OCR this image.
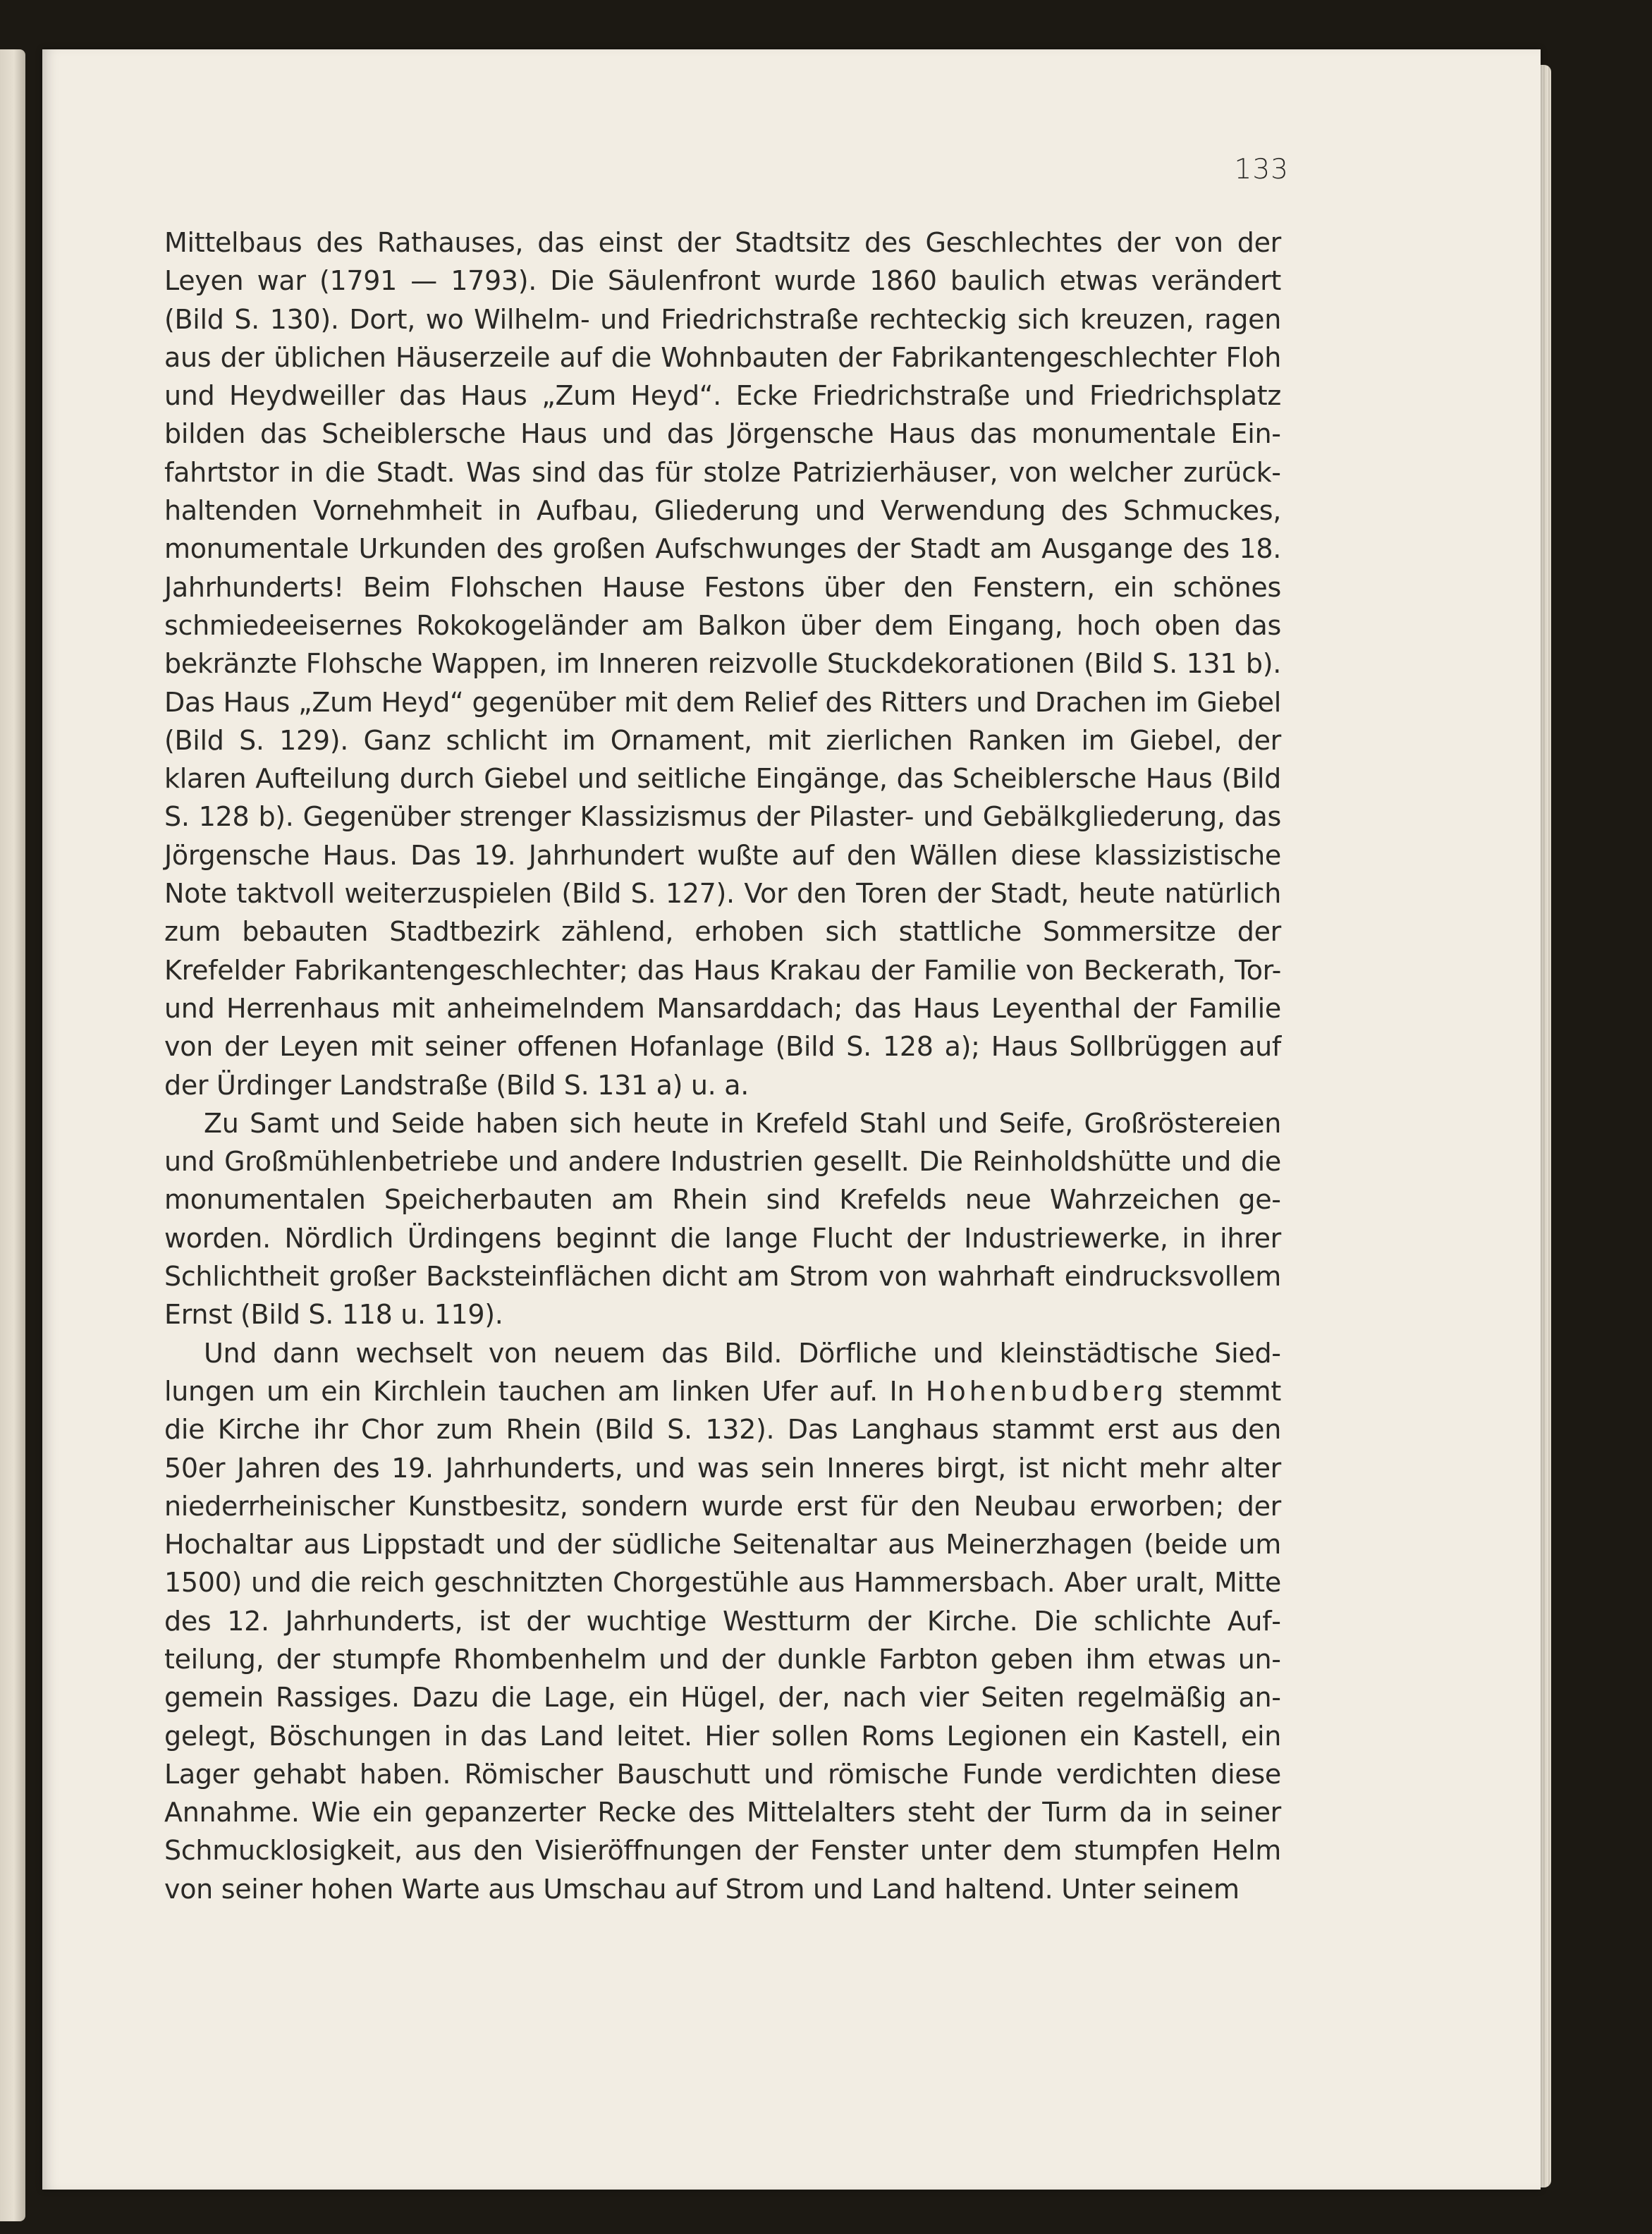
133

Mittelbaus des Rathauses, das einst der Stadtsitz des Geschlechtes der von der Leyen war (1791 — 1793). Die Säulenfront wurde 1860 baulich etwas verändert (Bild S. 130). Dort, wo Wilhelm- und Friedrichstraße rechteckig sich kreuzen, ragen aus der üblichen Häuserzeile auf die Wohnbauten der Fabrikantengeschlechter Floh und Heydweiller das Haus „Zum Heyd“. Ecke Friedrichstraße und Friedrichsplatz bilden das Scheiblersche Haus und das Jörgensche Haus das monumentale Einfahrtstor in die Stadt. Was sind das für stolze Patrizierhäuser, von welcher zurückhaltenden Vornehmheit in Aufbau, Gliederung und Verwendung des Schmuckes, monumentale Urkunden des großen Aufschwunges der Stadt am Ausgange des 18. Jahrhunderts! Beim Flohschen Hause Festons über den Fenstern, ein schönes schmiedeeisernes Rokokogeländer am Balkon über dem Eingang, hoch oben das bekränzte Flohsche Wappen, im Inneren reizvolle Stuckdekorationen (Bild S. 131 b). Das Haus „Zum Heyd“ gegenüber mit dem Relief des Ritters und Drachen im Giebel (Bild S. 129). Ganz schlicht im Ornament, mit zierlichen Ranken im Giebel, der klaren Aufteilung durch Giebel und seitliche Eingänge, das Scheiblersche Haus (Bild S. 128 b). Gegenüber strenger Klassizismus der Pilaster- und Gebälkgliederung, das Jörgensche Haus. Das 19. Jahrhundert wußte auf den Wällen diese klassizistische Note taktvoll weiterzuspielen (Bild S. 127). Vor den Toren der Stadt, heute natürlich zum bebauten Stadtbezirk zählend, erhoben sich stattliche Sommersitze der Krefelder Fabrikantengeschlechter; das Haus Krakau der Familie von Beckerath, Tor- und Herrenhaus mit anheimelndem Mansarddach; das Haus Leyenthal der Familie von der Leyen mit seiner offenen Hofanlage (Bild S. 128 a); Haus Sollbrüggen auf der Ürdinger Landstraße (Bild S. 131 a) u. a.

Zu Samt und Seide haben sich heute in Krefeld Stahl und Seife, Großröstereien und Großmühlenbetriebe und andere Industrien gesellt. Die Reinholdshütte und die monumentalen Speicherbauten am Rhein sind Krefelds neue Wahrzeichen geworden. Nördlich Ürdingens beginnt die lange Flucht der Industriewerke, in ihrer Schlichtheit großer Backsteinflächen dicht am Strom von wahrhaft eindrucksvollem Ernst (Bild S. 118 u. 119).

Und dann wechselt von neuem das Bild. Dörfliche und kleinstädtische Siedlungen um ein Kirchlein tauchen am linken Ufer auf. In Hohenbudberg stemmt die Kirche ihr Chor zum Rhein (Bild S. 132). Das Langhaus stammt erst aus den 50er Jahren des 19. Jahrhunderts, und was sein Inneres birgt, ist nicht mehr alter niederrheinischer Kunstbesitz, sondern wurde erst für den Neubau erworben; der Hochaltar aus Lippstadt und der südliche Seitenaltar aus Meinerzhagen (beide um 1500) und die reich geschnitzten Chorgestühle aus Hammersbach. Aber uralt, Mitte des 12. Jahrhunderts, ist der wuchtige Westturm der Kirche. Die schlichte Aufteilung, der stumpfe Rhombenhelm und der dunkle Farbton geben ihm etwas ungemein Rassiges. Dazu die Lage, ein Hügel, der, nach vier Seiten regelmäßig angelegt, Böschungen in das Land leitet. Hier sollen Roms Legionen ein Kastell, ein Lager gehabt haben. Römischer Bauschutt und römische Funde verdichten diese Annahme. Wie ein gepanzerter Recke des Mittelalters steht der Turm da in seiner Schmucklosigkeit, aus den Visieröffnungen der Fenster unter dem stumpfen Helm von seiner hohen Warte aus Umschau auf Strom und Land haltend. Unter seinem
